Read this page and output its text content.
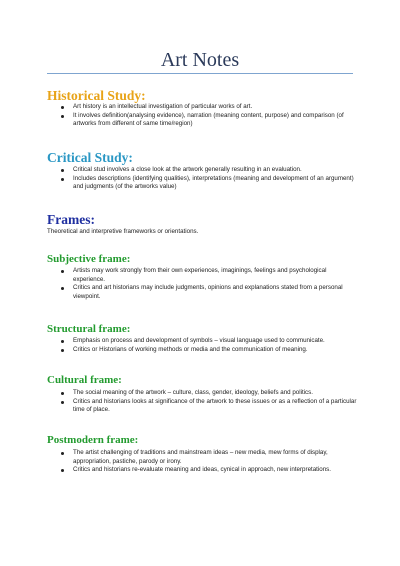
Art Notes
Historical Study:
Art history is an intellectual investigation of particular works of art.
It involves definition(analysing evidence), narration (meaning content, purpose) and comparison (of artworks from different of same time/region)
Critical Study:
Critical stud involves a close look at the artwork generally resulting in an evaluation.
Includes descriptions (identifying qualities), interpretations (meaning and development of an argument) and judgments (of the artworks value)
Frames:
Theoretical and interpretive frameworks or orientations.
Subjective frame:
Artists may work strongly from their own experiences, imaginings, feelings and psychological experience.
Critics and art historians may include judgments, opinions and explanations stated from a personal viewpoint.
Structural frame:
Emphasis on process and development of symbols – visual language used to communicate.
Critics or Historians of working methods or media and the communication of meaning.
Cultural frame:
The social meaning of the artwork – culture, class, gender, ideology, beliefs and politics.
Critics and historians looks at significance of the artwork to these issues or as a reflection of a particular time of place.
Postmodern frame:
The artist challenging of traditions and mainstream ideas – new media, mew forms of display, appropriation, pastiche, parody or irony.
Critics and historians re-evaluate meaning and ideas, cynical in approach, new interpretations.
